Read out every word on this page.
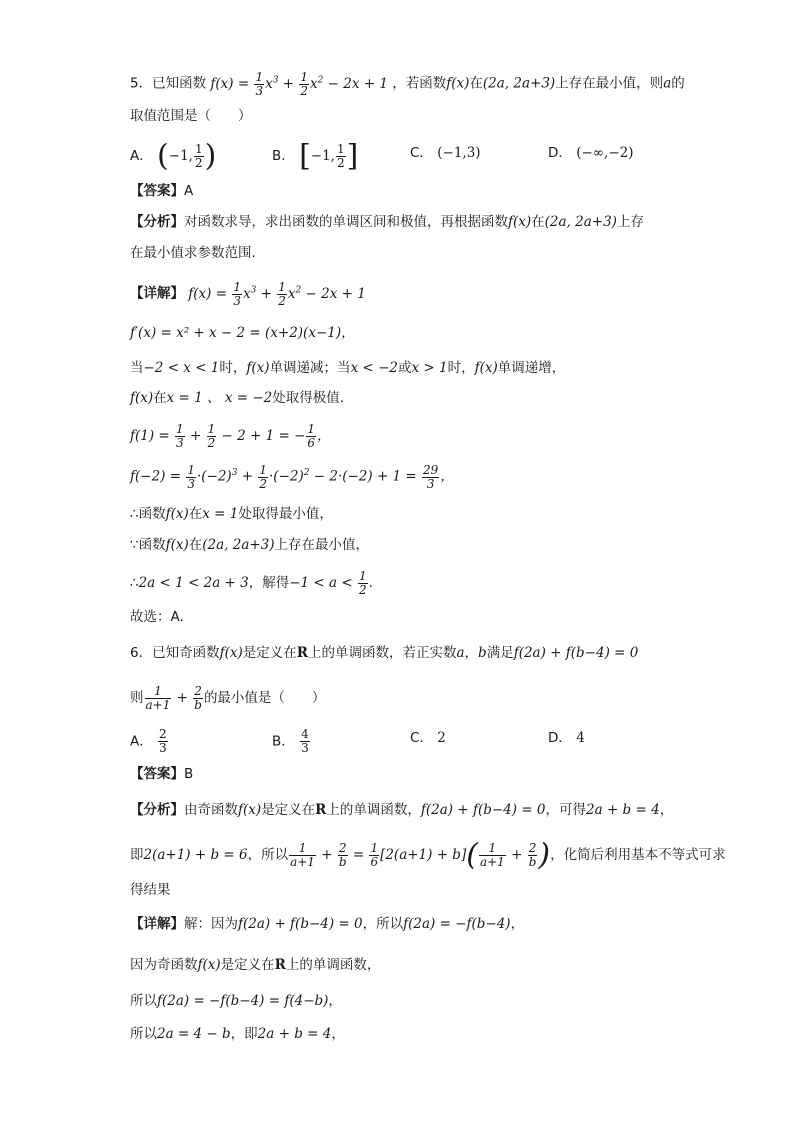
5．已知函数 $f(x) = \frac{1}{3} x^3 + \frac{1}{2} x^2 - 2x + 1$ ，若函数f(x)在(2a, 2a+3)上存在最小值，则a的
取值范围是（　　）
A． (−1, $\frac{1}{2}$ )	B． [−1, $\frac{1}{2}$ ]	C． (−1,3)	D． (−∞,−2)
【答案】A
【分析】对函数求导，求出函数的单调区间和极值，再根据函数f(x)在(2a, 2a+3)上存
在最小值求参数范围.
【详解】 $f(x) = \frac{1}{3} x^3 + \frac{1}{2} x^2 - 2x + 1$
f′(x) = x² + x − 2 = (x+2)(x−1)，
当−2 < x < 1时，f(x)单调递减；当x < −2或x > 1时，f(x)单调递增，
f(x)在x = 1 、 x = −2处取得极值.
$f(1) = \frac{1}{3} + \frac{1}{2} - 2 + 1$ = − $\frac{1}{6}$ ，
$f(-2) = \frac{1}{3} \cdot(-2)^3 + \frac{1}{2} \cdot(-2)^2 - 2\cdot(-2) + 1 = \frac{29}{3}$ ，
∴函数f(x)在x = 1处取得最小值，
∵函数f(x)在(2a, 2a+3)上存在最小值，
∴2a < 1 < 2a + 3，解得$-1 < a < \frac{1}{2}$ .
故选：A.
6．已知奇函数f(x)是定义在R上的单调函数，若正实数a，b满足f(2a) + f(b−4) = 0
则 $\frac{1}{a+1} + \frac{2}{b}$ 的最小值是（　　）
A． $\frac{2}{3}$	B． $\frac{4}{3}$	C． 2	D． 4
【答案】B
【分析】由奇函数f(x)是定义在R上的单调函数，f(2a) + f(b−4) = 0，可得2a + b = 4，
即2(a+1) + b = 6，所以 $\frac{1}{a+1} + \frac{2}{b} = \frac{1}{6} [2(a+1) + b]( \frac{1}{a+1} + \frac{2}{b}$ )，化简后利用基本不等式可求
得结果
【详解】解：因为f(2a) + f(b−4) = 0，所以f(2a) = −f(b−4)，
因为奇函数f(x)是定义在R上的单调函数，
所以f(2a) = −f(b−4) = f(4−b)，
所以2a = 4 − b，即2a + b = 4，
